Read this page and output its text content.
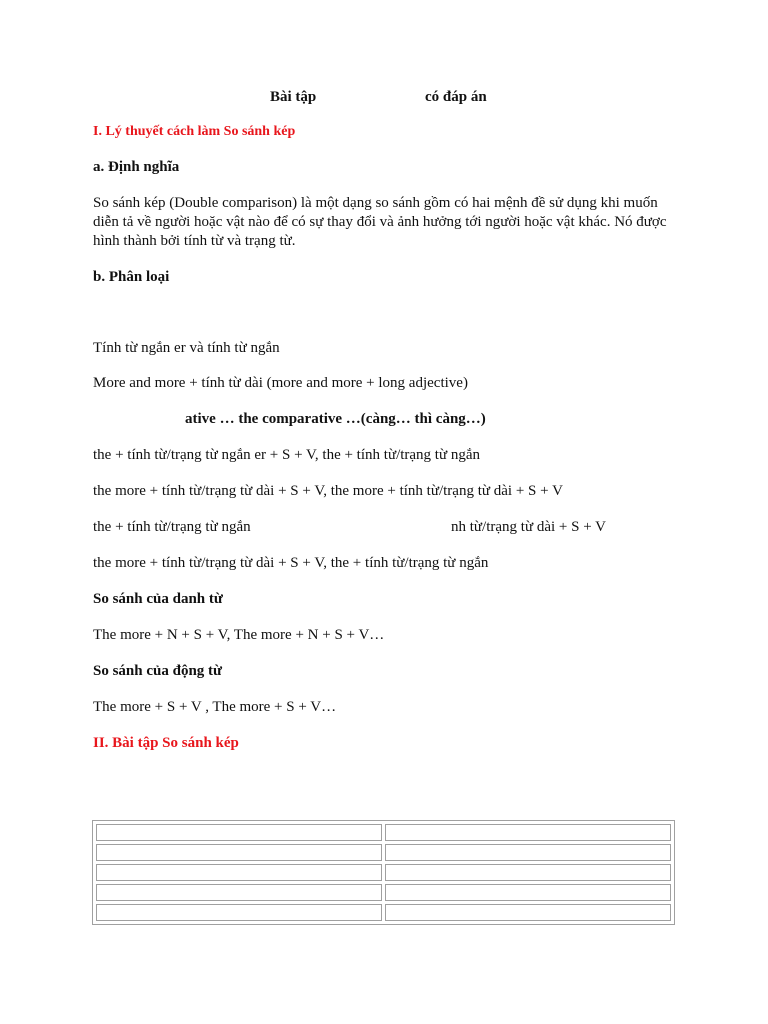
Bài tập	có đáp án
I. Lý thuyết cách làm So sánh kép
a. Định nghĩa
So sánh kép (Double comparison) là một dạng so sánh gồm có hai mệnh đề sử dụng khi muốn diễn tả về người hoặc vật nào để có sự thay đổi và ảnh hưởng tới người hoặc vật khác. Nó được hình thành bởi tính từ và trạng từ.
b. Phân loại
Tính từ ngắn er và tính từ ngắn
More and more + tính từ dài (more and more + long adjective)
ative … the comparative …(càng… thì càng…)
the + tính từ/trạng từ ngắn er + S + V, the + tính từ/trạng từ ngắn
the more + tính từ/trạng từ dài + S + V, the more + tính từ/trạng từ dài + S + V
the + tính từ/trạng từ ngắn	nh từ/trạng từ dài + S + V
the more + tính từ/trạng từ dài + S + V, the + tính từ/trạng từ ngắn
So sánh của danh từ
The more + N + S + V, The more + N + S + V…
So sánh của động từ
The more + S + V , The more + S + V…
II. Bài tập So sánh kép
